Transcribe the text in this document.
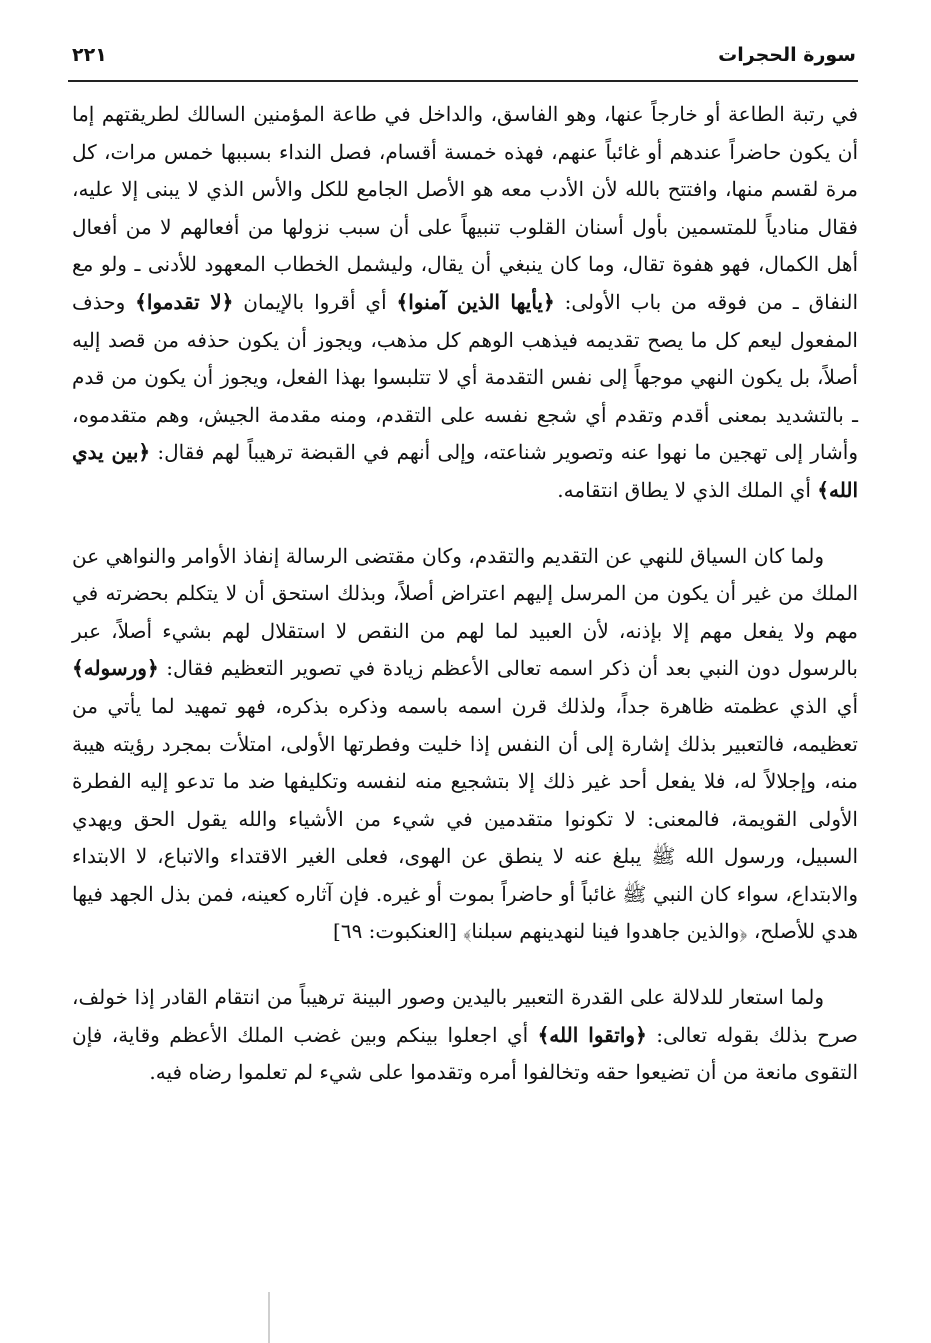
سورة الحجرات
٢٢١

في رتبة الطاعة أو خارجاً عنها، وهو الفاسق، والداخل في طاعة المؤمنين السالك لطريقتهم إما أن يكون حاضراً عندهم أو غائباً عنهم، فهذه خمسة أقسام، فصل النداء بسببها خمس مرات، كل مرة لقسم منها، وافتتح بالله لأن الأدب معه هو الأصل الجامع للكل والأس الذي لا يبنى إلا عليه، فقال منادياً للمتسمين بأول أسنان القلوب تنبيهاً على أن سبب نزولها من أفعالهم لا من أفعال أهل الكمال، فهو هفوة تقال، وما كان ينبغي أن يقال، وليشمل الخطاب المعهود للأدنى ـ ولو مع النفاق ـ من فوقه من باب الأولى: ﴿يأيها الذين آمنوا﴾ أي أقروا بالإيمان ﴿لا تقدموا﴾ وحذف المفعول ليعم كل ما يصح تقديمه فيذهب الوهم كل مذهب، ويجوز أن يكون حذفه من قصد إليه أصلاً، بل يكون النهي موجهاً إلى نفس التقدمة أي لا تتلبسوا بهذا الفعل، ويجوز أن يكون من قدم ـ بالتشديد بمعنى أقدم وتقدم أي شجع نفسه على التقدم، ومنه مقدمة الجيش، وهم متقدموه، وأشار إلى تهجين ما نهوا عنه وتصوير شناعته، وإلى أنهم في القبضة ترهيباً لهم فقال: ﴿بين يدي الله﴾ أي الملك الذي لا يطاق انتقامه.

ولما كان السياق للنهي عن التقديم والتقدم، وكان مقتضى الرسالة إنفاذ الأوامر والنواهي عن الملك من غير أن يكون من المرسل إليهم اعتراض أصلاً، وبذلك استحق أن لا يتكلم بحضرته في مهم ولا يفعل مهم إلا بإذنه، لأن العبيد لما لهم من النقص لا استقلال لهم بشيء أصلاً، عبر بالرسول دون النبي بعد أن ذكر اسمه تعالى الأعظم زيادة في تصوير التعظيم فقال: ﴿ورسوله﴾ أي الذي عظمته ظاهرة جداً، ولذلك قرن اسمه باسمه وذكره بذكره، فهو تمهيد لما يأتي من تعظيمه، فالتعبير بذلك إشارة إلى أن النفس إذا خليت وفطرتها الأولى، امتلأت بمجرد رؤيته هيبة منه، وإجلالاً له، فلا يفعل أحد غير ذلك إلا بتشجيع منه لنفسه وتكليفها ضد ما تدعو إليه الفطرة الأولى القويمة، فالمعنى: لا تكونوا متقدمين في شيء من الأشياء والله يقول الحق ويهدي السبيل، ورسول الله ﷺ يبلغ عنه لا ينطق عن الهوى، فعلى الغير الاقتداء والاتباع، لا الابتداء والابتداع، سواء كان النبي ﷺ غائباً أو حاضراً بموت أو غيره. فإن آثاره كعينه، فمن بذل الجهد فيها هدي للأصلح، ﴿والذين جاهدوا فينا لنهدينهم سبلنا﴾ [العنكبوت: ٦٩]

ولما استعار للدلالة على القدرة التعبير باليدين وصور البينة ترهيباً من انتقام القادر إذا خولف، صرح بذلك بقوله تعالى: ﴿واتقوا الله﴾ أي اجعلوا بينكم وبين غضب الملك الأعظم وقاية، فإن التقوى مانعة من أن تضيعوا حقه وتخالفوا أمره وتقدموا على شيء لم تعلموا رضاه فيه.
